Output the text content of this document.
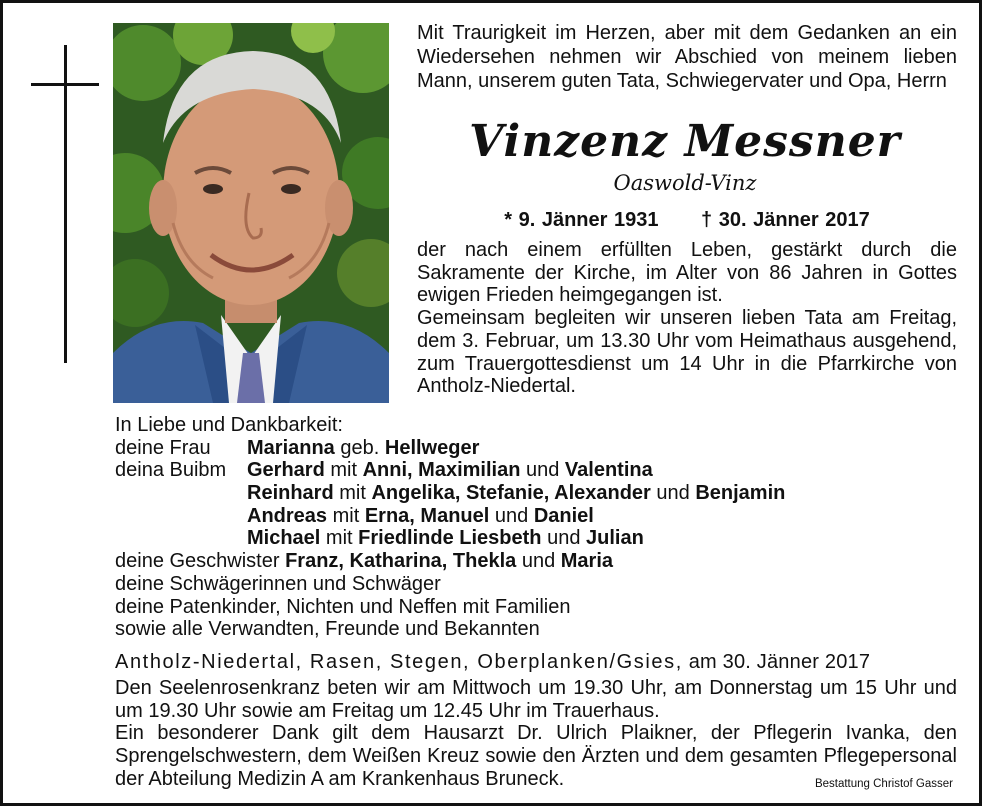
Mit Traurigkeit im Herzen, aber mit dem Gedanken an ein Wiedersehen nehmen wir Abschied von meinem lieben Mann, unserem guten Tata, Schwiegervater und Opa, Herrn

Vinzenz Messner

Oaswold-Vinz

* 9. Jänner 1931 † 30. Jänner 2017

der nach einem erfüllten Leben, gestärkt durch die Sakramente der Kirche, im Alter von 86 Jahren in Gottes ewigen Frieden heimgegangen ist.
Gemeinsam begleiten wir unseren lieben Tata am Freitag, dem 3. Februar, um 13.30 Uhr vom Heimathaus ausgehend, zum Trauergottesdienst um 14 Uhr in die Pfarrkirche von Antholz-Niedertal.
In Liebe und Dankbarkeit:
deine Frau Marianna geb. Hellweger
deina Buibm Gerhard mit Anni, Maximilian und Valentina
Reinhard mit Angelika, Stefanie, Alexander und Benjamin
Andreas mit Erna, Manuel und Daniel
Michael mit Friedlinde Liesbeth und Julian
deine Geschwister Franz, Katharina, Thekla und Maria
deine Schwägerinnen und Schwäger
deine Patenkinder, Nichten und Neffen mit Familien
sowie alle Verwandten, Freunde und Bekannten

Antholz-Niedertal, Rasen, Stegen, Oberplanken/Gsies, am 30. Jänner 2017

Den Seelenrosenkranz beten wir am Mittwoch um 19.30 Uhr, am Donnerstag um 15 Uhr und um 19.30 Uhr sowie am Freitag um 12.45 Uhr im Trauerhaus.
Ein besonderer Dank gilt dem Hausarzt Dr. Ulrich Plaikner, der Pflegerin Ivanka, den Sprengelschwestern, dem Weißen Kreuz sowie den Ärzten und dem gesamten Pflegepersonal der Abteilung Medizin A am Krankenhaus Bruneck.	Bestattung Christof Gasser
